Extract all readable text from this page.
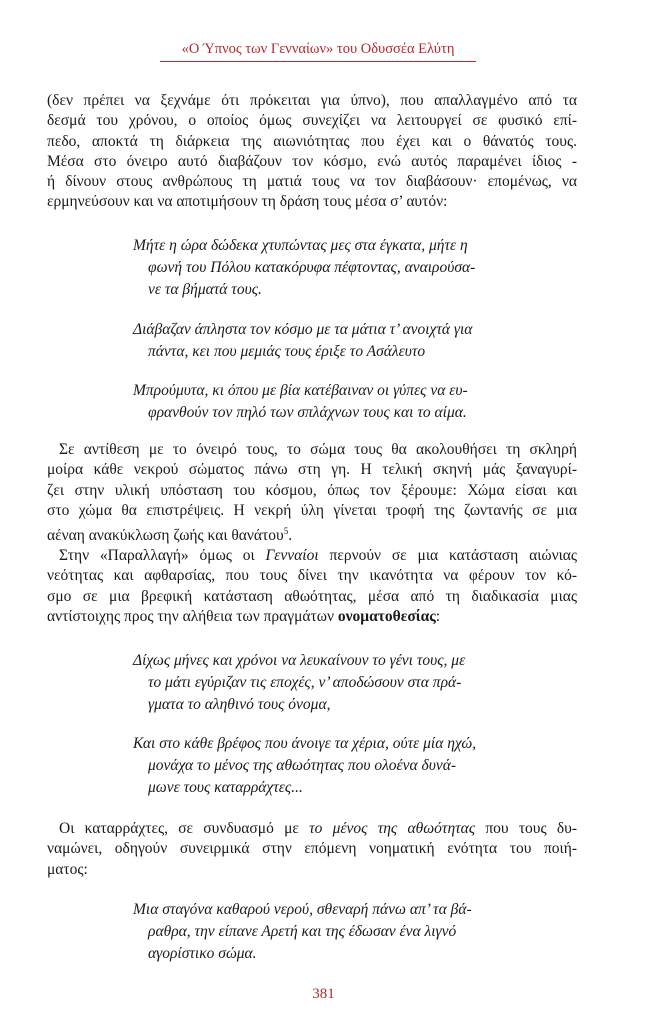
«Ο Ύπνος των Γενναίων» του Οδυσσέα Ελύτη
(δεν πρέπει να ξεχνάμε ότι πρόκειται για ύπνο), που απαλλαγμένο από τα
δεσμά του χρόνου, ο οποίος όμως συνεχίζει να λειτουργεί σε φυσικό επί-
πεδο, αποκτά τη διάρκεια της αιωνιότητας που έχει και ο θάνατός τους.
Μέσα στο όνειρο αυτό διαβάζουν τον κόσμο, ενώ αυτός παραμένει ίδιος -
ή δίνουν στους ανθρώπους τη ματιά τους να τον διαβάσουν· επομένως, να
ερμηνεύσουν και να αποτιμήσουν τη δράση τους μέσα σ’ αυτόν:
Μήτε η ώρα δώδεκα χτυπώντας μες στα έγκατα, μήτε η
φωνή του Πόλου κατακόρυφα πέφτοντας, αναιρούσα-
νε τα βήματά τους.
Διάβαζαν άπληστα τον κόσμο με τα μάτια τ’ ανοιχτά για
πάντα, κει που μεμιάς τους έριξε το Ασάλευτο
Μπρούμυτα, κι όπου με βία κατέβαιναν οι γύπες να ευ-
φρανθούν τον πηλό των σπλάχνων τους και το αίμα.
Σε αντίθεση με το όνειρό τους, το σώμα τους θα ακολουθήσει τη σκληρή
μοίρα κάθε νεκρού σώματος πάνω στη γη. Η τελική σκηνή μάς ξαναγυρί-
ζει στην υλική υπόσταση του κόσμου, όπως τον ξέρουμε: Χώμα είσαι και
στο χώμα θα επιστρέψεις. Η νεκρή ύλη γίνεται τροφή της ζωντανής σε μια
αέναη ανακύκλωση ζωής και θανάτου$^5$.
Στην «Παραλλαγή» όμως οι Γενναίοι περνούν σε μια κατάσταση αιώνιας
νεότητας και αφθαρσίας, που τους δίνει την ικανότητα να φέρουν τον κό-
σμο σε μια βρεφική κατάσταση αθωότητας, μέσα από τη διαδικασία μιας
αντίστοιχης προς την αλήθεια των πραγμάτων ονοματοθεσίας:
Δίχως μήνες και χρόνοι να λευκαίνουν το γένι τους, με
το μάτι εγύριζαν τις εποχές, ν’ αποδώσουν στα πρά-
γματα το αληθινό τους όνομα,
Και στο κάθε βρέφος που άνοιγε τα χέρια, ούτε μία ηχώ,
μονάχα το μένος της αθωότητας που ολοένα δυνά-
μωνε τους καταρράχτες...
Οι καταρράχτες, σε συνδυασμό με το μένος της αθωότητας που τους δυ-
ναμώνει, οδηγούν συνειρμικά στην επόμενη νοηματική ενότητα του ποιή-
ματος:
Μια σταγόνα καθαρού νερού, σθεναρή πάνω απ’ τα βά-
ραθρα, την είπανε Αρετή και της έδωσαν ένα λιγνό
αγορίστικο σώμα.
381
